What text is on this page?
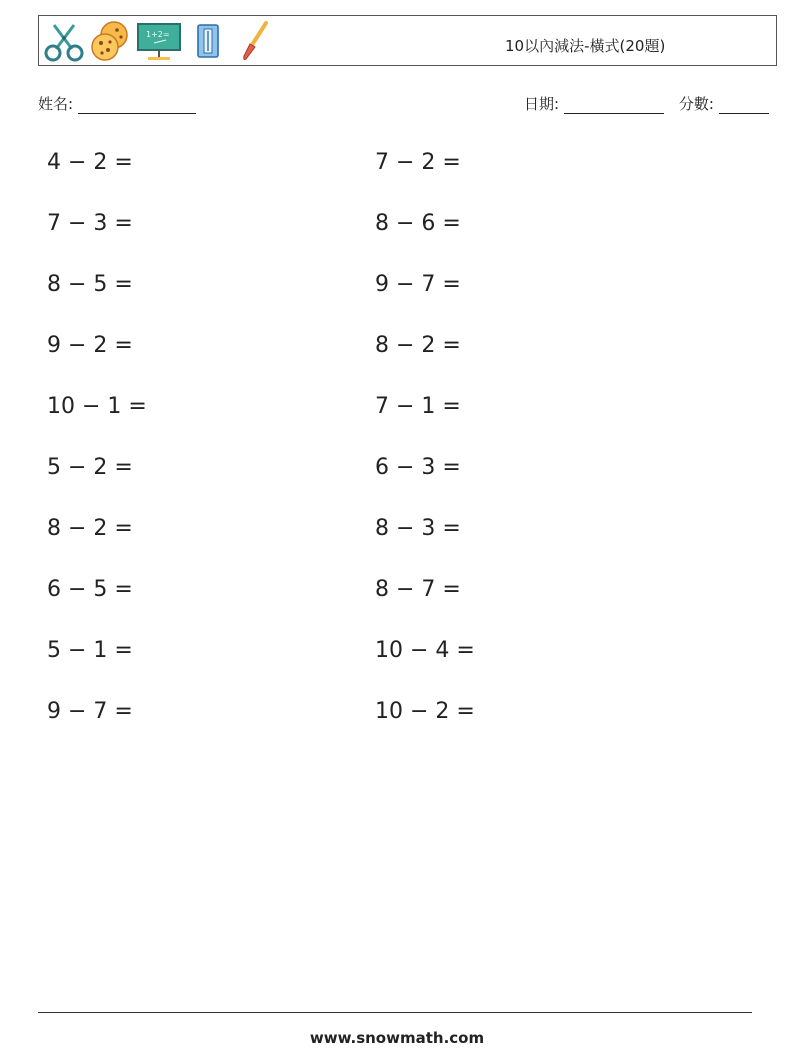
1+2=
10以內減法-橫式(20題)
姓名:	日期:	分數:
4 − 2 =
7 − 3 =
8 − 5 =
9 − 2 =
10 − 1 =
5 − 2 =
8 − 2 =
6 − 5 =
5 − 1 =
9 − 7 =
7 − 2 =
8 − 6 =
9 − 7 =
8 − 2 =
7 − 1 =
6 − 3 =
8 − 3 =
8 − 7 =
10 − 4 =
10 − 2 =
www.snowmath.com
